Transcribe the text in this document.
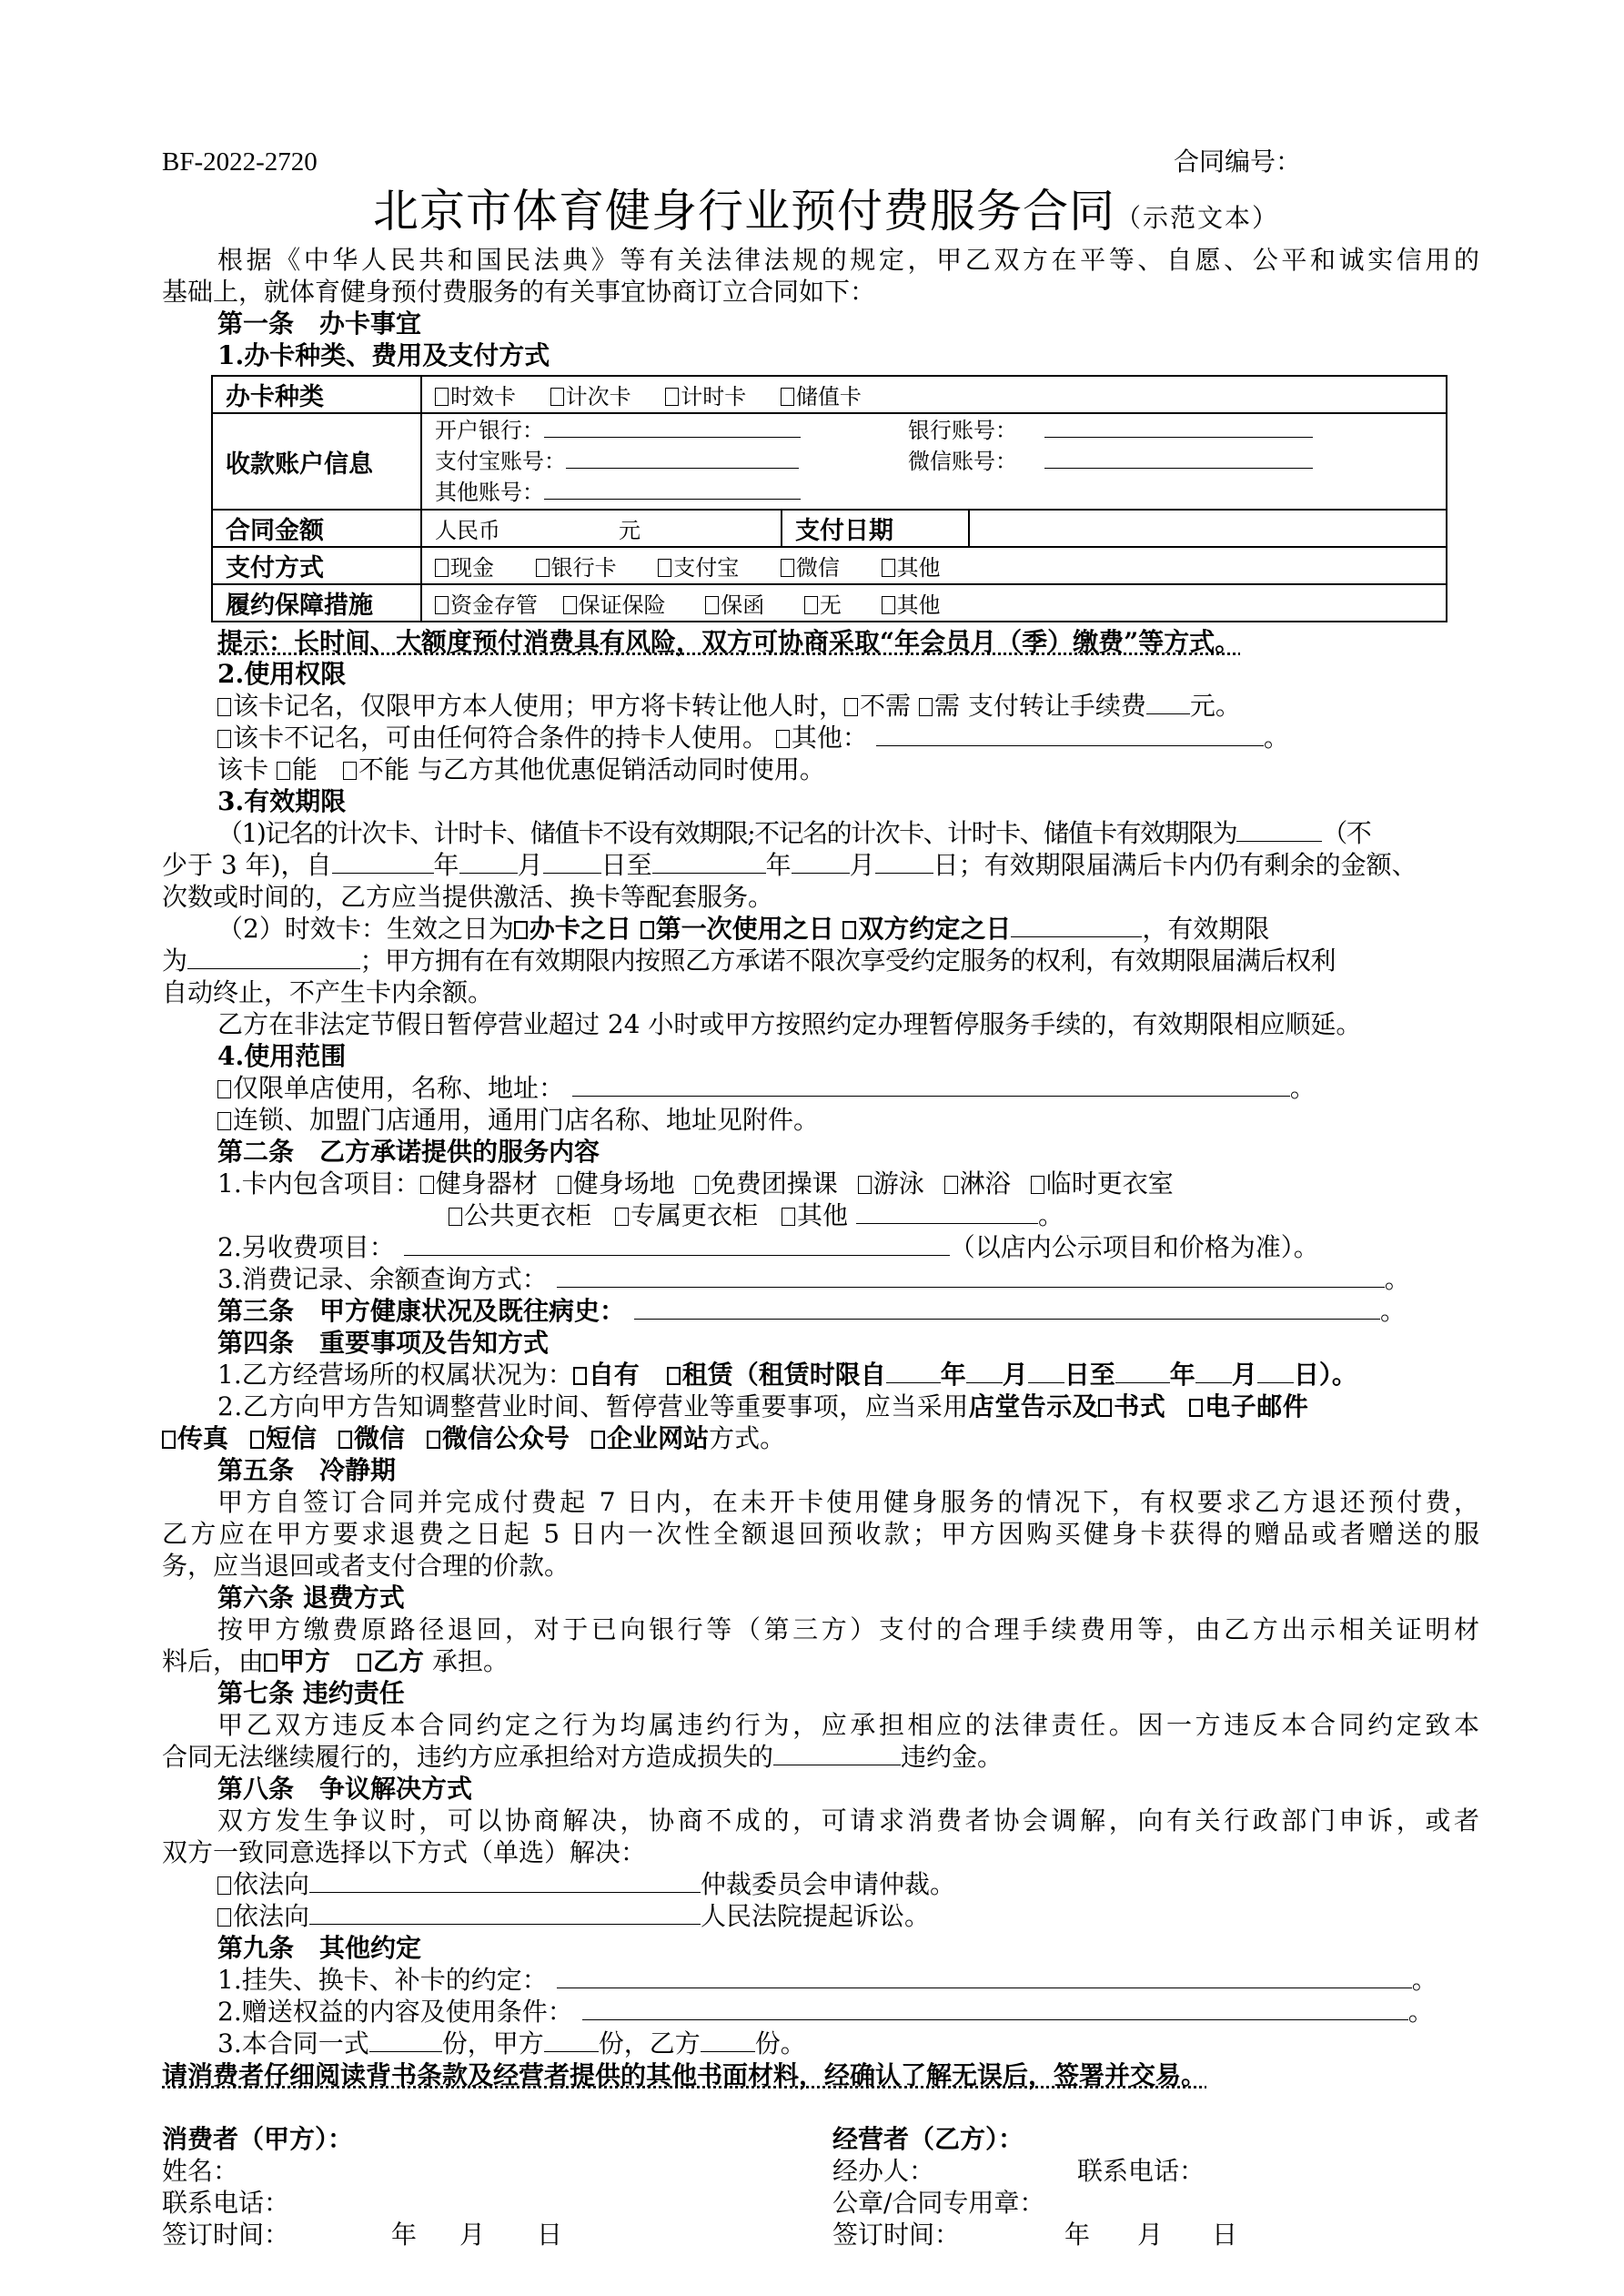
BF-2022-2720	合同编号：
北京市体育健身行业预付费服务合同（示范文本）
根据《中华人民共和国民法典》等有关法律法规的规定，甲乙双方在平等、自愿、公平和诚实信用的
基础上，就体育健身预付费服务的有关事宜协商订立合同如下：
第一条　办卡事宜
1.办卡种类、费用及支付方式
办卡种类	时效卡 计次卡 计时卡 储值卡		
收款账户信息	开户银行： 银行账号：
支付宝账号： 微信账号：
其他账号：		

合同金额	人民币 元	支付日期	
支付方式	现金 银行卡 支付宝 微信 其他		
履约保障措施	资金存管 保证保险 保函 无 其他		
提示：长时间、大额度预付消费具有风险，双方可协商采取“年会员月（季）缴费”等方式。
2.使用权限
该卡记名，仅限甲方本人使用；甲方将卡转让他人时， 不需 需 支付转让手续费 元。
该卡不记名，可由任何符合条件的持卡人使用。 其他：	。
该卡 能 不能 与乙方其他优惠促销活动同时使用。
3.有效期限
（1)记名的计次卡、计时卡、储值卡不设有效期限;不记名的计次卡、计时卡、储值卡有效期限为	（不
少于 3 年)，自	年 月 日至	年 月 日；有效期限届满后卡内仍有剩余的金额、
次数或时间的，乙方应当提供激活、换卡等配套服务。
（2）时效卡：生效之日为 办卡之日 第一次使用之日 双方约定之日	，有效期限
为	；甲方拥有在有效期限内按照乙方承诺不限次享受约定服务的权利，有效期限届满后权利
自动终止，不产生卡内余额。
乙方在非法定节假日暂停营业超过 24 小时或甲方按照约定办理暂停服务手续的，有效期限相应顺延。
4.使用范围
仅限单店使用，名称、地址：	。
连锁、加盟门店通用，通用门店名称、地址见附件。
第二条　乙方承诺提供的服务内容
1.卡内包含项目： 健身器材 健身场地 免费团操课 游泳 淋浴 临时更衣室
公共更衣柜 专属更衣柜 其他	。
2.另收费项目：	（以店内公示项目和价格为准）。
3.消费记录、余额查询方式：	。
第三条　甲方健康状况及既往病史：	。
第四条　重要事项及告知方式
1.乙方经营场所的权属状况为： 自有 租赁（租赁时限自 年 月 日至 年 月 日）。
2.乙方向甲方告知调整营业时间、暂停营业等重要事项，应当采用店堂告示及 书式 电子邮件
传真 短信 微信 微信公众号 企业网站方式。
第五条　冷静期
甲方自签订合同并完成付费起 7 日内，在未开卡使用健身服务的情况下，有权要求乙方退还预付费，
乙方应在甲方要求退费之日起 5 日内一次性全额退回预收款；甲方因购买健身卡获得的赠品或者赠送的服
务，应当退回或者支付合理的价款。
第六条 退费方式
按甲方缴费原路径退回，对于已向银行等（第三方）支付的合理手续费用等，由乙方出示相关证明材
料后，由 甲方 乙方 承担。
第七条 违约责任
甲乙双方违反本合同约定之行为均属违约行为，应承担相应的法律责任。因一方违反本合同约定致本
合同无法继续履行的，违约方应承担给对方造成损失的	违约金。
第八条　争议解决方式
双方发生争议时，可以协商解决，协商不成的，可请求消费者协会调解，向有关行政部门申诉，或者
双方一致同意选择以下方式（单选）解决：
依法向	仲裁委员会申请仲裁。
依法向	人民法院提起诉讼。
第九条　其他约定
1.挂失、换卡、补卡的约定：	。
2.赠送权益的内容及使用条件：	。
3.本合同一式	份，甲方 份，乙方 份。
请消费者仔细阅读背书条款及经营者提供的其他书面材料，经确认了解无误后，签署并交易。
消费者（甲方）：
姓名：
联系电话：
签订时间：	年 月 日
经营者（乙方）：
经办人：	联系电话：
公章/合同专用章：
签订时间：	年 月 日
